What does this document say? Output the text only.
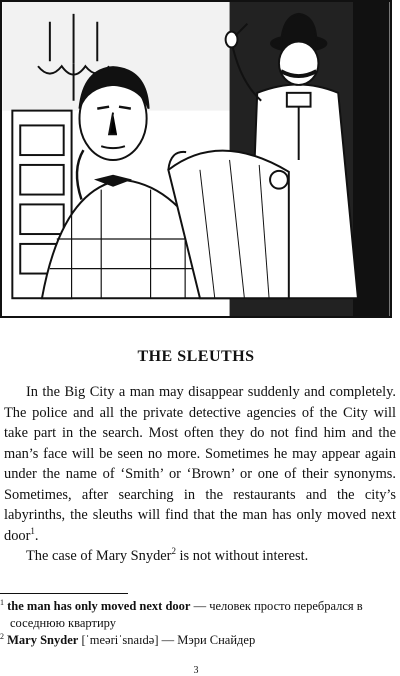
THE SLEUTHS

In the Big City a man may disappear suddenly and completely. The police and all the private detective agencies of the City will take part in the search. Most often they do not find him and the man’s face will be seen no more. Sometimes he may appear again under the name of ‘Smith’ or ‘Brown’ or one of their synonyms. Sometimes, after searching in the restaurants and the city’s labyrinths, the sleuths will find that the man has only moved next door$^1$.

The case of Mary Snyder$^2$ is not without interest.

$^1$ the man has only moved next door — человек просто перебрался в соседнюю квартиру

$^2$ Mary Snyder [ˈmeəriˈsnaɪdə] — Мэри Снайдер

3
